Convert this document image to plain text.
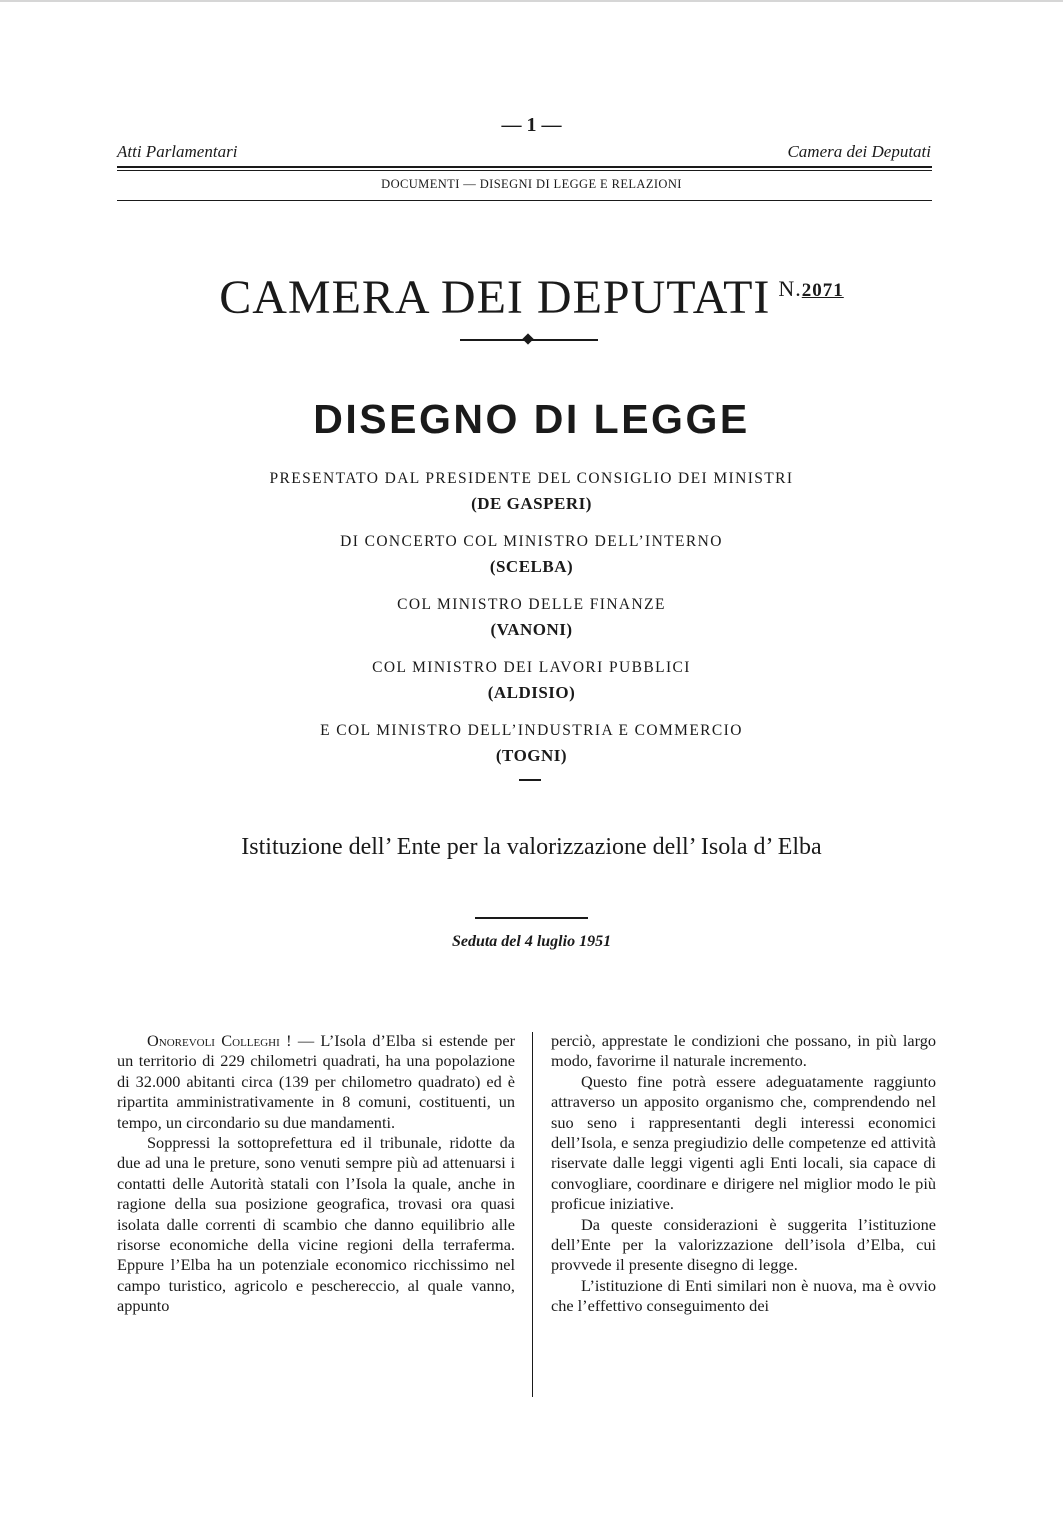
— 1 —
Atti Parlamentari	Camera dei Deputati
DOCUMENTI — DISEGNI DI LEGGE E RELAZIONI
CAMERA DEI DEPUTATI $^{N.2071}$
DISEGNO DI LEGGE
PRESENTATO DAL PRESIDENTE DEL CONSIGLIO DEI MINISTRI
(DE GASPERI)
DI CONCERTO COL MINISTRO DELL’INTERNO
(SCELBA)
COL MINISTRO DELLE FINANZE
(VANONI)
COL MINISTRO DEI LAVORI PUBBLICI
(ALDISIO)
E COL MINISTRO DELL’INDUSTRIA E COMMERCIO
(TOGNI)
Istituzione dell’ Ente per la valorizzazione dell’ Isola d’ Elba
Seduta del 4 luglio 1951

Onorevoli Colleghi ! — L’Isola d’Elba si estende per un territorio di 229 chilometri quadrati, ha una popolazione di 32.000 abitanti circa (139 per chilometro quadrato) ed è ripartita amministrativamente in 8 comuni, costituenti, un tempo, un circondario su due mandamenti.

Soppressi la sottoprefettura ed il tribunale, ridotte da due ad una le preture, sono venuti sempre più ad attenuarsi i contatti delle Autorità statali con l’Isola la quale, anche in ragione della sua posizione geografica, trovasi ora quasi isolata dalle correnti di scambio che danno equilibrio alle risorse economiche della vicine regioni della terraferma. Eppure l’Elba ha un potenziale economico ricchissimo nel campo turistico, agricolo e peschereccio, al quale vanno, appunto

perciò, apprestate le condizioni che possano, in più largo modo, favorirne il naturale incremento.

Questo fine potrà essere adeguatamente raggiunto attraverso un apposito organismo che, comprendendo nel suo seno i rappresentanti degli interessi economici dell’Isola, e senza pregiudizio delle competenze ed attività riservate dalle leggi vigenti agli Enti locali, sia capace di convogliare, coordinare e dirigere nel miglior modo le più proficue iniziative.

Da queste considerazioni è suggerita l’istituzione dell’Ente per la valorizzazione dell’isola d’Elba, cui provvede il presente disegno di legge.

L’istituzione di Enti similari non è nuova, ma è ovvio che l’effettivo conseguimento dei
